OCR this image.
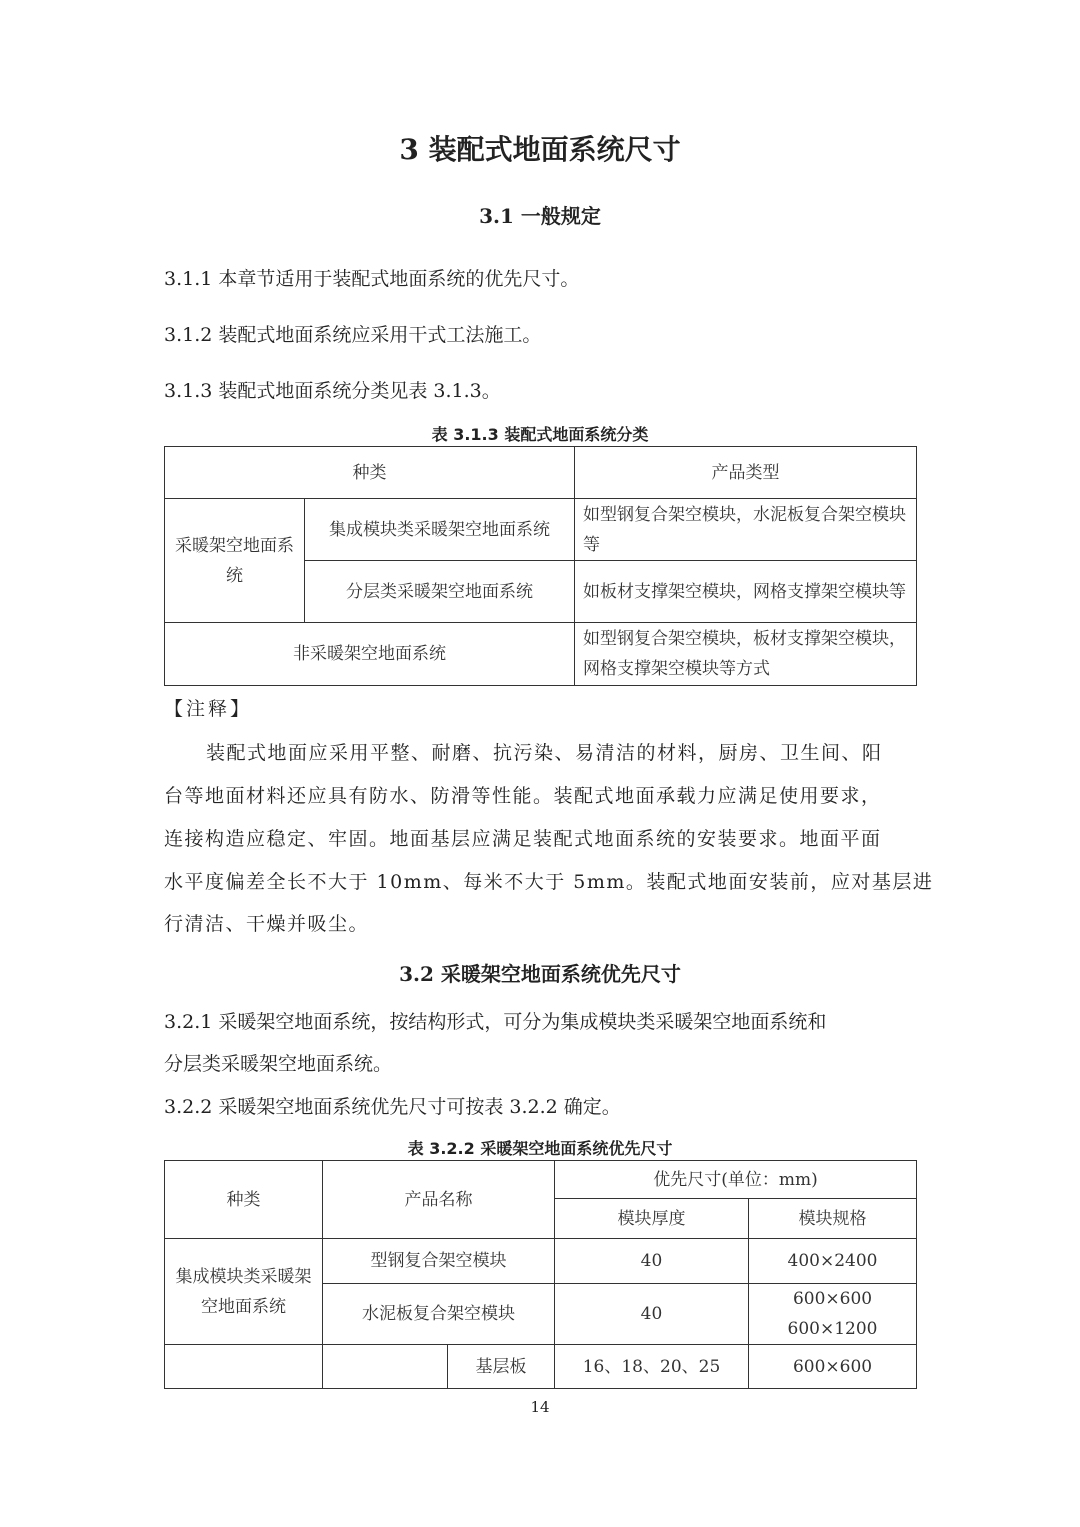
3 装配式地面系统尺寸
3.1 一般规定
3.1.1 本章节适用于装配式地面系统的优先尺寸。
3.1.2 装配式地面系统应采用干式工法施工。
3.1.3 装配式地面系统分类见表 3.1.3。
表 3.1.3 装配式地面系统分类
种类		产品类型
采暖架空地面系统	集成模块类采暖架空地面系统	如型钢复合架空模块，水泥板复合架空模块等
	分层类采暖架空地面系统	如板材支撑架空模块，网格支撑架空模块等
非采暖架空地面系统		如型钢复合架空模块，板材支撑架空模块，网格支撑架空模块等方式
【注释】
装配式地面应采用平整、耐磨、抗污染、易清洁的材料，厨房、卫生间、阳
台等地面材料还应具有防水、防滑等性能。装配式地面承载力应满足使用要求，
连接构造应稳定、牢固。地面基层应满足装配式地面系统的安装要求。地面平面
水平度偏差全长不大于 10mm、每米不大于 5mm。装配式地面安装前，应对基层进
行清洁、干燥并吸尘。
3.2 采暖架空地面系统优先尺寸
3.2.1 采暖架空地面系统，按结构形式，可分为集成模块类采暖架空地面系统和
分层类采暖架空地面系统。
3.2.2 采暖架空地面系统优先尺寸可按表 3.2.2 确定。
表 3.2.2 采暖架空地面系统优先尺寸
种类	产品名称		优先尺寸(单位：mm)	
			模块厚度	模块规格
集成模块类采暖架空地面系统	型钢复合架空模块		40	400×2400
	水泥板复合架空模块		40	600×600
600×1200

		基层板	16、18、20、25	600×600
14
